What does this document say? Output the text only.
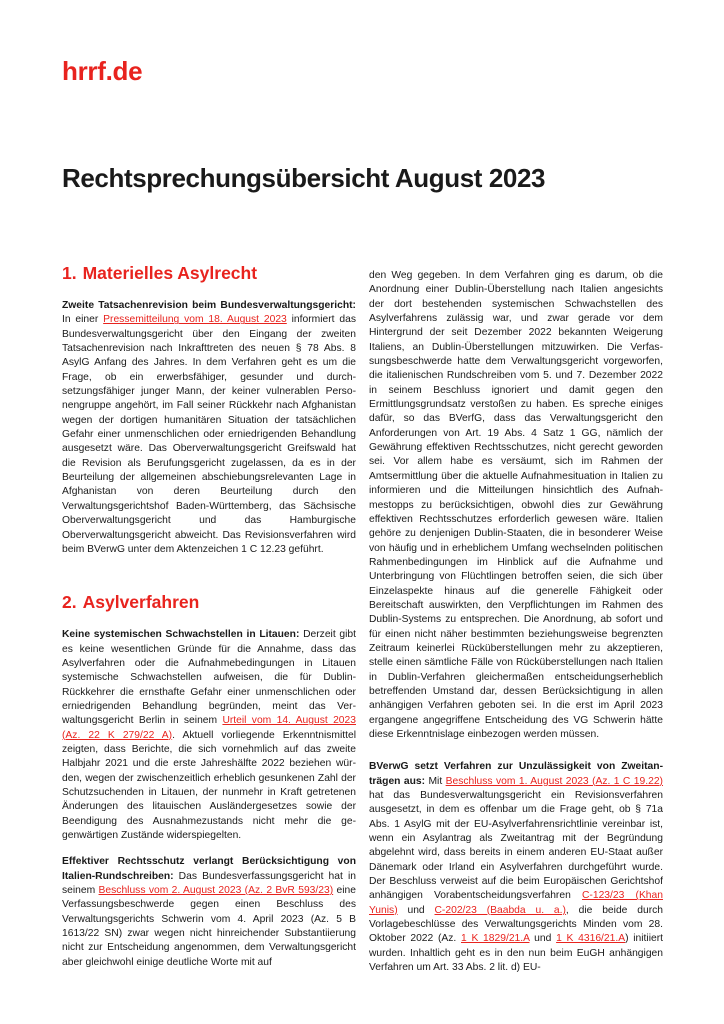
hrrf.de
Rechtsprechungsübersicht August 2023
1. Materielles Asylrecht

Zweite Tatsachenrevision beim Bundesverwaltungsgericht: In einer Pressemitteilung vom 18. August 2023 informiert das Bundesverwaltungsgericht über den Eingang der zweiten Tatsachenrevision nach Inkrafttreten des neuen § 78 Abs. 8 AsylG Anfang des Jahres. In dem Verfahren geht es um die Frage, ob ein erwerbsfähiger, gesunder und durchsetzungsfähiger junger Mann, der keiner vulnerablen Personengruppe angehört, im Fall seiner Rückkehr nach Afghanistan wegen der dortigen humanitären Situation der tatsächlichen Gefahr einer unmenschlichen oder erniedrigenden Behandlung ausgesetzt wäre. Das Oberverwaltungsgericht Greifswald hat die Revision als Berufungsgericht zugelassen, da es in der Beurteilung der allgemeinen abschiebungsrelevanten Lage in Afghanistan von deren Beurteilung durch den Verwaltungsgerichtshof Baden-Württemberg, das Sächsische Oberverwaltungsgericht und das Hamburgische Oberverwaltungsgericht abweicht. Das Revisionsverfahren wird beim BVerwG unter dem Aktenzeichen 1 C 12.23 geführt.

2. Asylverfahren

Keine systemischen Schwachstellen in Litauen: Derzeit gibt es keine wesentlichen Gründe für die Annahme, dass das Asylverfahren oder die Aufnahmebedingungen in Litauen systemische Schwachstellen aufweisen, die für Dublin-Rückkehrer die ernsthafte Gefahr einer unmenschlichen oder erniedrigenden Behandlung begründen, meint das Verwaltungsgericht Berlin in seinem Urteil vom 14. August 2023 (Az. 22 K 279/22 A). Aktuell vorliegende Erkenntnismittel zeigten, dass Berichte, die sich vornehmlich auf das zweite Halbjahr 2021 und die erste Jahreshälfte 2022 beziehen würden, wegen der zwischenzeitlich erheblich gesunkenen Zahl der Schutzsuchenden in Litauen, der nunmehr in Kraft getretenen Änderungen des litauischen Ausländergesetzes sowie der Beendigung des Ausnahmezustands nicht mehr die gegenwärtigen Zustände widerspiegelten.

Effektiver Rechtsschutz verlangt Berücksichtigung von Italien-Rundschreiben: Das Bundesverfassungsgericht hat in seinem Beschluss vom 2. August 2023 (Az. 2 BvR 593/23) eine Verfassungsbeschwerde gegen einen Beschluss des Verwaltungsgerichts Schwerin vom 4. April 2023 (Az. 5 B 1613/22 SN) zwar wegen nicht hinreichender Substantiierung nicht zur Entscheidung angenommen, dem Verwaltungsgericht aber gleichwohl einige deutliche Worte mit auf

den Weg gegeben. In dem Verfahren ging es darum, ob die Anordnung einer Dublin-Überstellung nach Italien angesichts der dort bestehenden systemischen Schwachstellen des Asylverfahrens zulässig war, und zwar gerade vor dem Hintergrund der seit Dezember 2022 bekannten Weigerung Italiens, an Dublin-Überstellungen mitzuwirken. Die Verfassungsbeschwerde hatte dem Verwaltungsgericht vorgeworfen, die italienischen Rundschreiben vom 5. und 7. Dezember 2022 in seinem Beschluss ignoriert und damit gegen den Ermittlungsgrundsatz verstoßen zu haben. Es spreche einiges dafür, so das BVerfG, dass das Verwaltungsgericht den Anforderungen von Art. 19 Abs. 4 Satz 1 GG, nämlich der Gewährung effektiven Rechtsschutzes, nicht gerecht geworden sei. Vor allem habe es versäumt, sich im Rahmen der Amtsermittlung über die aktuelle Aufnahmesituation in Italien zu informieren und die Mitteilungen hinsichtlich des Aufnahmestopps zu berücksichtigen, obwohl dies zur Gewährung effektiven Rechtsschutzes erforderlich gewesen wäre. Italien gehöre zu denjenigen Dublin-Staaten, die in besonderer Weise von häufig und in erheblichem Umfang wechselnden politischen Rahmenbedingungen im Hinblick auf die Aufnahme und Unterbringung von Flüchtlingen betroffen seien, die sich über Einzelaspekte hinaus auf die generelle Fähigkeit oder Bereitschaft auswirkten, den Verpflichtungen im Rahmen des Dublin-Systems zu entsprechen. Die Anordnung, ab sofort und für einen nicht näher bestimmten beziehungsweise begrenzten Zeitraum keinerlei Rücküberstellungen mehr zu akzeptieren, stelle einen sämtliche Fälle von Rücküberstellungen nach Italien in Dublin-Verfahren gleichermaßen entscheidungserheblich betreffenden Umstand dar, dessen Berücksichtigung in allen anhängigen Verfahren geboten sei. In die erst im April 2023 ergangene angegriffene Entscheidung des VG Schwerin hätte diese Erkenntnislage einbezogen werden müssen.

BVerwG setzt Verfahren zur Unzulässigkeit von Zweitanträgen aus: Mit Beschluss vom 1. August 2023 (Az. 1 C 19.22) hat das Bundesverwaltungsgericht ein Revisionsverfahren ausgesetzt, in dem es offenbar um die Frage geht, ob § 71a Abs. 1 AsylG mit der EU-Asylverfahrensrichtlinie vereinbar ist, wenn ein Asylantrag als Zweitantrag mit der Begründung abgelehnt wird, dass bereits in einem anderen EU-Staat außer Dänemark oder Irland ein Asylverfahren durchgeführt wurde. Der Beschluss verweist auf die beim Europäischen Gerichtshof anhängigen Vorabentscheidungsverfahren C-123/23 (Khan Yunis) und C-202/23 (Baabda u. a.), die beide durch Vorlagebeschlüsse des Verwaltungsgerichts Minden vom 28. Oktober 2022 (Az. 1 K 1829/21.A und 1 K 4316/21.A) initiiert wurden. Inhaltlich geht es in den nun beim EuGH anhängigen Verfahren um Art. 33 Abs. 2 lit. d) EU-
